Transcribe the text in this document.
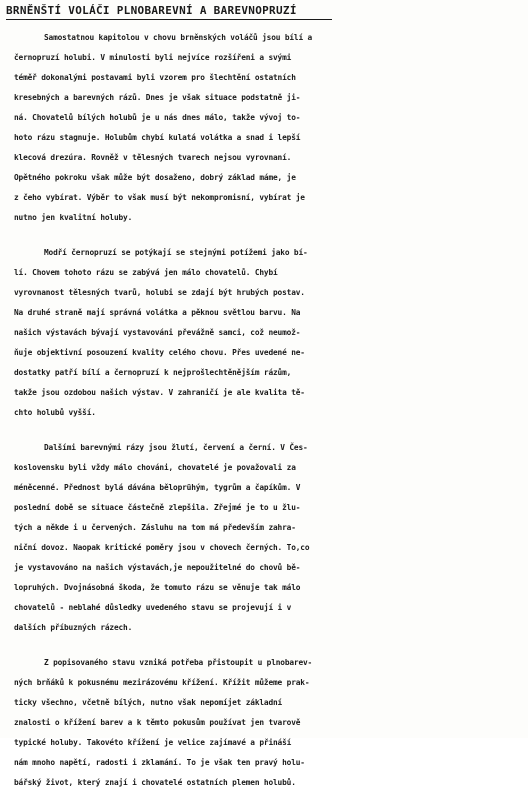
BRNĚNŠTÍ VOLÁČI PLNOBAREVNÍ A BAREVNOPRUZÍ
Samostatnou kapitolou v chovu brněnských voláčů jsou bílí a
černopruzí holubi. V minulosti byli nejvíce rozšířeni a svými
téměř dokonalými postavami byli vzorem pro šlechtění ostatních
kresebných a barevných rázů. Dnes je však situace podstatně ji-
ná. Chovatelů bílých holubů je u nás dnes málo, takže vývoj to-
hoto rázu stagnuje. Holubům chybí kulatá volátka a snad i lepší
klecová drezúra. Rovněž v tělesných tvarech nejsou vyrovnaní.
Opětného pokroku však může být dosaženo, dobrý základ máme, je
z čeho vybírat. Výběr to však musí být nekompromisní, vybírat je
nutno jen kvalitní holuby.
Modří černopruzí se potýkají se stejnými potížemi jako bí-
lí. Chovem tohoto rázu se zabývá jen málo chovatelů. Chybí
vyrovnanost tělesných tvarů, holubi se zdají být hrubých postav.
Na druhé straně mají správná volátka a pěknou světlou barvu. Na
našich výstavách bývají vystavováni převážně samci, což neumož-
ňuje objektivní posouzení kvality celého chovu. Přes uvedené ne-
dostatky patří bílí a černopruzí k nejprošlechtěnějším rázům,
takže jsou ozdobou našich výstav. V zahraničí je ale kvalita tě-
chto holubů vyšší.
Dalšími barevnými rázy jsou žlutí, červení a černí. V Čes-
koslovensku byli vždy málo chováni, chovatelé je považovali za
méněcenné. Přednost bylá dávána běloprühým, tygrům a čapíkům. V
poslední době se situace částečně zlepšila. Zřejmé je to u žlu-
tých a někde i u červených. Zásluhu na tom má především zahra-
niční dovoz. Naopak kritické poměry jsou v chovech černých. To,co
je vystavováno na našich výstavách,je nepoužitelné do chovů bě-
lopruhých. Dvojnásobná škoda, že tomuto rázu se věnuje tak málo
chovatelů - neblahé důsledky uvedeného stavu se projevují i v
dalších příbuzných rázech.
Z popisovaného stavu vzniká potřeba přistoupit u plnobarev-
ných brňáků k pokusnému mezirázovému křížení. Křížit můžeme prak-
ticky všechno, včetně bílých, nutno však nepomíjet základní
znalosti o křížení barev a k těmto pokusům používat jen tvarově
typické holuby. Takovéto křížení je velice zajímavé a přináší
nám mnoho napětí, radosti i zklamání. To je však ten pravý holu-
bářský život, který znají i chovatelé ostatních plemen holubů.
